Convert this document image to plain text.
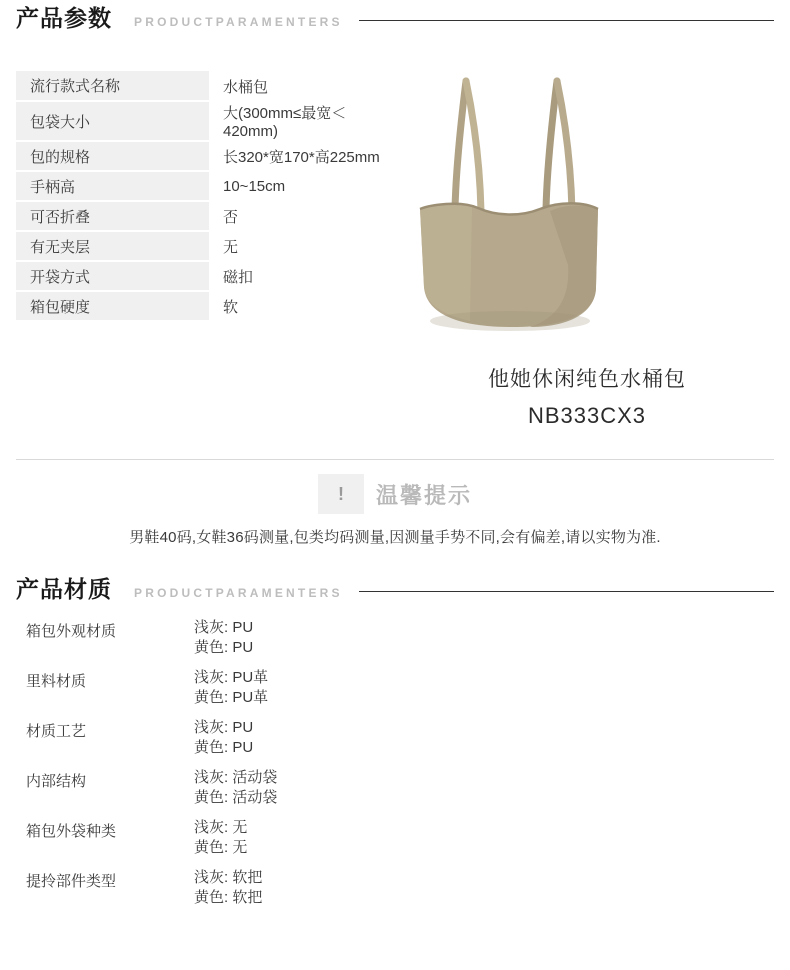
产品参数 PRODUCTPARAMENTERS
流行款式名称	水桶包
包袋大小	大(300mm≤最宽＜420mm)
包的规格	长320*宽170*高225mm
手柄高	10~15cm
可否折叠	否
有无夹层	无
开袋方式	磁扣
箱包硬度	软
他她休闲纯色水桶包
NB333CX3
!	温馨提示
男鞋40码,女鞋36码测量,包类均码测量,因测量手势不同,会有偏差,请以实物为准.
产品材质 PRODUCTPARAMENTERS
箱包外观材质	浅灰: PU
黄色: PU
里料材质	浅灰: PU革
黄色: PU革
材质工艺	浅灰: PU
黄色: PU
内部结构	浅灰: 活动袋
黄色: 活动袋
箱包外袋种类	浅灰: 无
黄色: 无
提拎部件类型	浅灰: 软把
黄色: 软把
